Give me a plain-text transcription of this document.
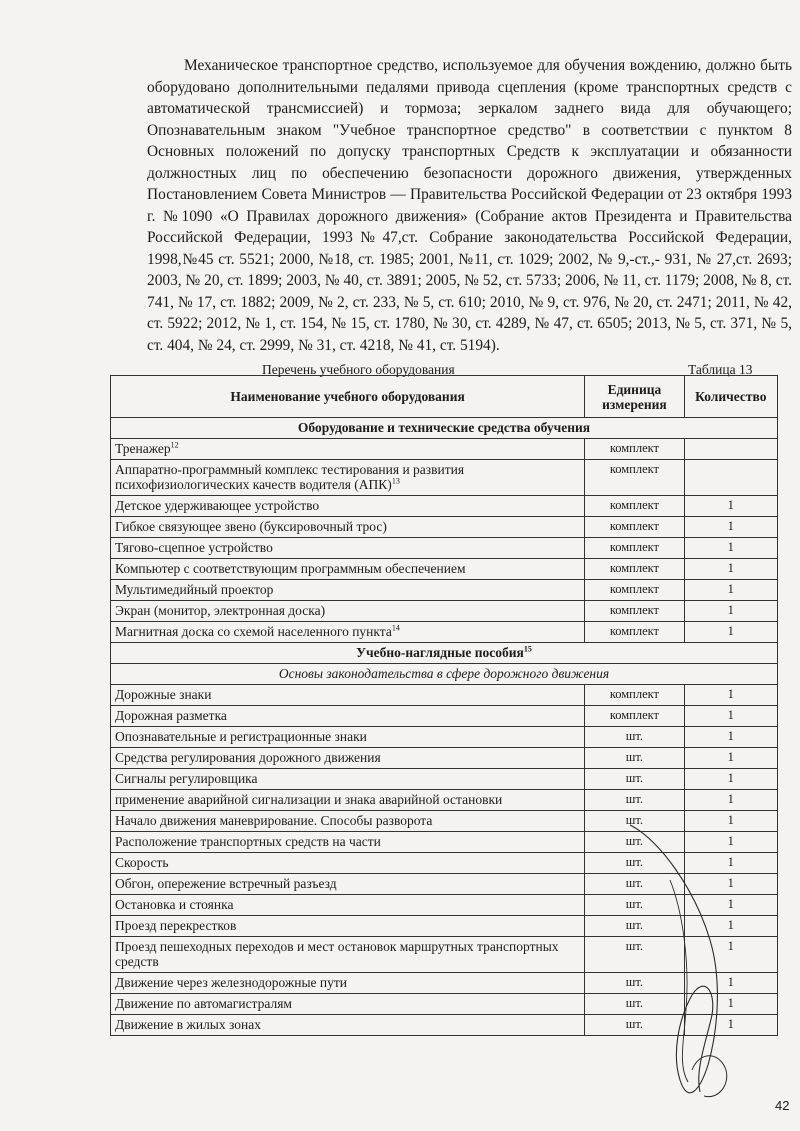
Механическое транспортное средство, используемое для обучения вождению, должно быть оборудовано дополнительными педалями привода сцепления (кроме транспортных средств с автоматической трансмиссией) и тормоза; зеркалом заднего вида для обучающего; Опознавательным знаком "Учебное транспортное средство" в соответствии с пунктом 8 Основных положений по допуску транспортных Средств к эксплуатации и обязанности должностных лиц по обеспечению безопасности дорожного движения, утвержденных Постановлением Совета Министров — Правительства Российской Федерации от 23 октября 1993 г. №1090 «О Правилах дорожного движения» (Собрание актов Президента и Правительства Российской Федерации, 1993№47,ст. Собрание законодательства Российской Федерации, 1998,№45 ст. 5521; 2000, №18, ст. 1985; 2001, №11, ст. 1029; 2002, № 9,-ст.,- 931, № 27,ст. 2693; 2003, № 20, ст. 1899; 2003, № 40, ст. 3891; 2005, № 52, ст. 5733; 2006, № 11, ст. 1179; 2008, № 8, ст. 741, № 17, ст. 1882; 2009, № 2, ст. 233, № 5, ст. 610; 2010, № 9, ст. 976, № 20, ст. 2471; 2011, № 42, ст. 5922; 2012, № 1, ст. 154, № 15, ст. 1780, № 30, ст. 4289, № 47, ст. 6505; 2013, № 5, ст. 371, № 5, ст. 404, № 24, ст. 2999, № 31, ст. 4218, № 41, ст. 5194).

Перечень учебного оборудования	Таблица 13
Наименование учебного оборудования	Единица измерения	Количество
Оборудование и технические средства обучения		
Тренажер$^{12}$	комплект	
Аппаратно-программный комплекс тестирования и развития психофизиологических качеств водителя (АПК)$^{13}$	комплект	
Детское удерживающее устройство	комплект	1
Гибкое связующее звено (буксировочный трос)	комплект	1
Тягово-сцепное устройство	комплект	1
Компьютер с соответствующим программным обеспечением	комплект	1
Мультимедийный проектор	комплект	1
Экран (монитор, электронная доска)	комплект	1
Магнитная доска со схемой населенного пункта$^{14}$	комплект	1
Учебно-наглядные пособия$^{15}$
Основы законодательства в сфере дорожного движения		
Дорожные знаки	комплект	1
Дорожная разметка	комплект	1
Опознавательные и регистрационные знаки	шт.	1
Средства регулирования дорожного движения	шт.	1
Сигналы регулировщика	шт.	1
применение аварийной сигнализации и знака аварийной остановки	шт.	1
Начало движения маневрирование. Способы разворота	шт.	1
Расположение транспортных средств на части	шт.	1
Скорость	шт.	1
Обгон, опережение встречный разъезд	шт.	1
Остановка и стоянка	шт.	1
Проезд перекрестков	шт.	1
Проезд пешеходных переходов и мест остановок маршрутных транспортных средств	шт.	1
Движение через железнодорожные пути	шт.	1
Движение по автомагистралям	шт.	1
Движение в жилых зонах	шт.	1
42
